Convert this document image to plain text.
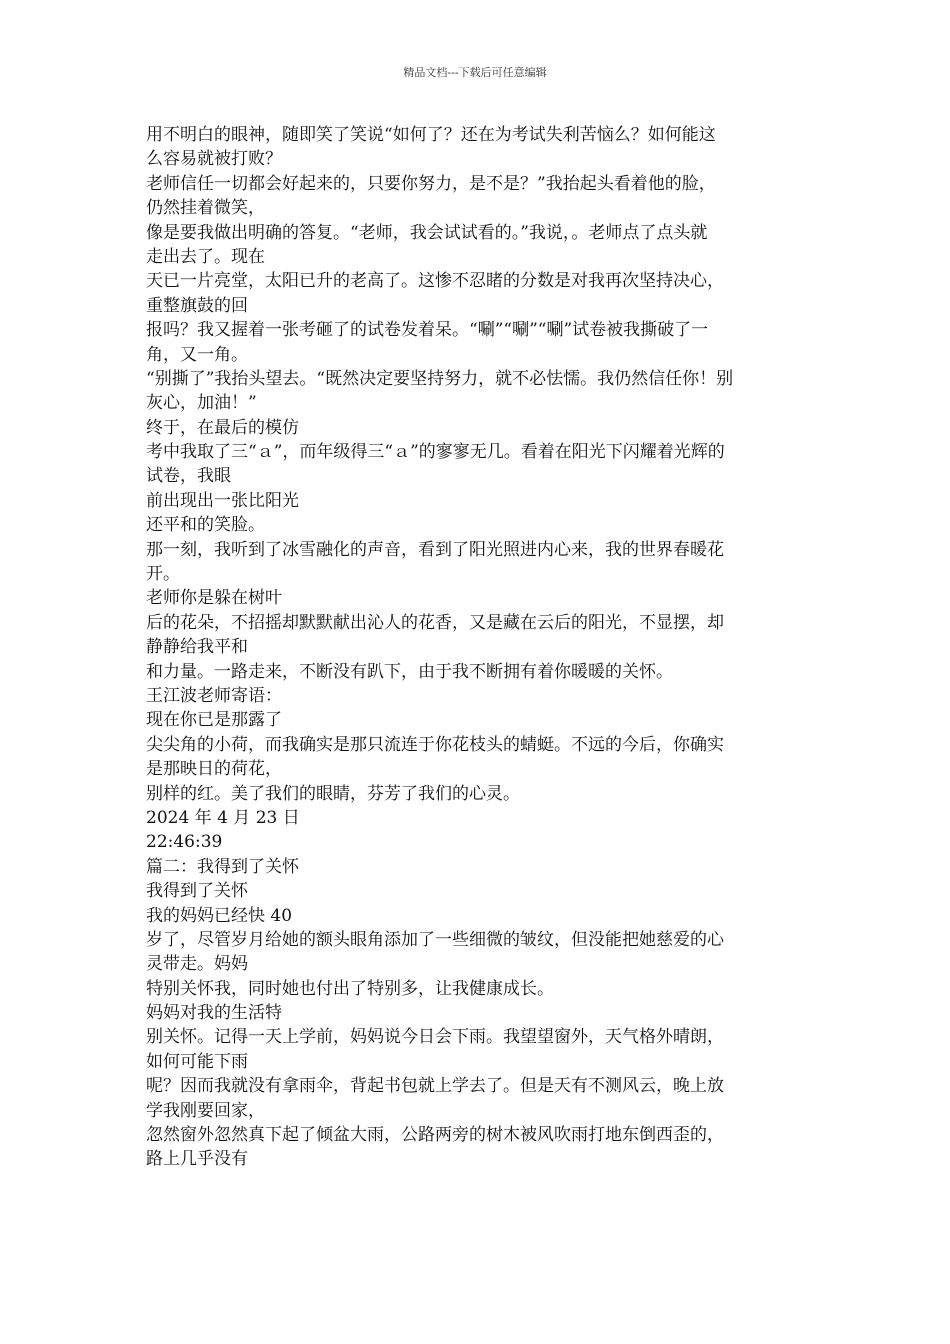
精品文档---下载后可任意编辑
用不明白的眼神，随即笑了笑说“如何了？还在为考试失利苦恼么？如何能这
么容易就被打败？
老师信任一切都会好起来的，只要你努力，是不是？”我抬起头看着他的脸，
仍然挂着微笑，
像是要我做出明确的答复。“老师，我会试试看的。”我说，。老师点了点头就
走出去了。现在
天已一片亮堂，太阳已升的老高了。这惨不忍睹的分数是对我再次坚持决心，
重整旗鼓的回
报吗？我又握着一张考砸了的试卷发着呆。“唰”“唰”“唰”试卷被我撕破了一
角，又一角。
“别撕了”我抬头望去。“既然决定要坚持努力，就不必怯懦。我仍然信任你！别
灰心，加油！”
终于，在最后的模仿
考中我取了三“ａ”，而年级得三“ａ”的寥寥无几。看着在阳光下闪耀着光辉的
试卷，我眼
前出现出一张比阳光
还平和的笑脸。
那一刻，我听到了冰雪融化的声音，看到了阳光照进内心来，我的世界春暖花
开。
老师你是躲在树叶
后的花朵，不招摇却默默献出沁人的花香，又是藏在云后的阳光，不显摆，却
静静给我平和
和力量。一路走来，不断没有趴下，由于我不断拥有着你暖暖的关怀。
王江波老师寄语：
现在你已是那露了
尖尖角的小荷，而我确实是那只流连于你花枝头的蜻蜓。不远的今后，你确实
是那映日的荷花，
别样的红。美了我们的眼睛，芬芳了我们的心灵。
2024 年 4 月 23 日
22:46:39
篇二：我得到了关怀
我得到了关怀
我的妈妈已经快 40
岁了，尽管岁月给她的额头眼角添加了一些细微的皱纹，但没能把她慈爱的心
灵带走。妈妈
特别关怀我，同时她也付出了特别多，让我健康成长。
妈妈对我的生活特
别关怀。记得一天上学前，妈妈说今日会下雨。我望望窗外，天气格外晴朗，
如何可能下雨
呢？因而我就没有拿雨伞，背起书包就上学去了。但是天有不测风云，晚上放
学我刚要回家，
忽然窗外忽然真下起了倾盆大雨，公路两旁的树木被风吹雨打地东倒西歪的，
路上几乎没有
